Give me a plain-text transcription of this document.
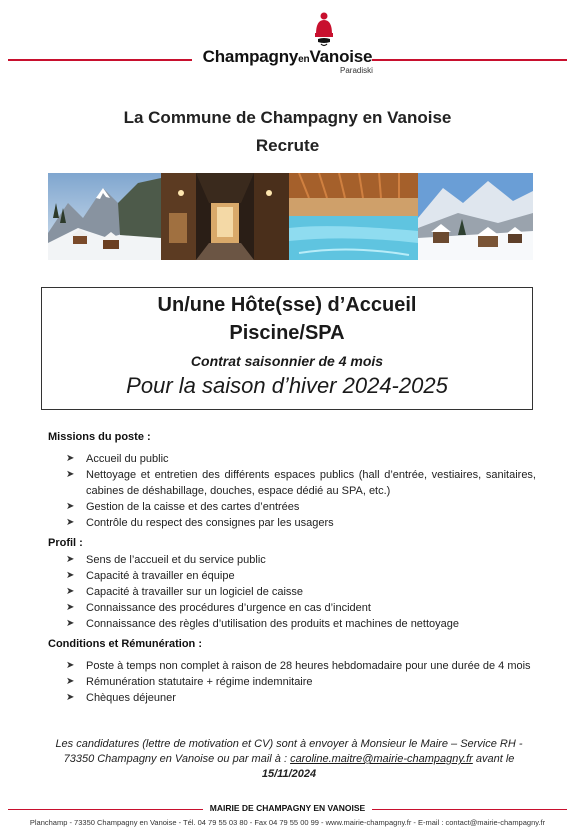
ChampagnyenVanoise
Paradiski
La Commune de Champagny en Vanoise
Recrute
Un/une Hôte(sse) d’Accueil
Piscine/SPA
Contrat saisonnier de 4 mois
Pour la saison d’hiver 2024-2025
Missions du poste :
➤ Accueil du public
➤ Nettoyage et entretien des différents espaces publics (hall d’entrée, vestiaires, sanitaires, cabines de déshabillage, douches, espace dédié au SPA, etc.)
➤ Gestion de la caisse et des cartes d’entrées
➤ Contrôle du respect des consignes par les usagers
Profil :
➤ Sens de l’accueil et du service public
➤ Capacité à travailler en équipe
➤ Capacité à travailler sur un logiciel de caisse
➤ Connaissance des procédures d’urgence en cas d’incident
➤ Connaissance des règles d’utilisation des produits et machines de nettoyage
Conditions et Rémunération :
➤ Poste à temps non complet à raison de 28 heures hebdomadaire pour une durée de 4 mois
➤ Rémunération statutaire + régime indemnitaire
➤ Chèques déjeuner
Les candidatures (lettre de motivation et CV) sont à envoyer à Monsieur le Maire – Service RH - 73350 Champagny en Vanoise ou par mail à : caroline.maitre@mairie-champagny.fr avant le 15/11/2024
MAIRIE DE CHAMPAGNY EN VANOISE
Planchamp - 73350 Champagny en Vanoise - Tél. 04 79 55 03 80 - Fax 04 79 55 00 99 - www.mairie-champagny.fr - E-mail : contact@mairie-champagny.fr
